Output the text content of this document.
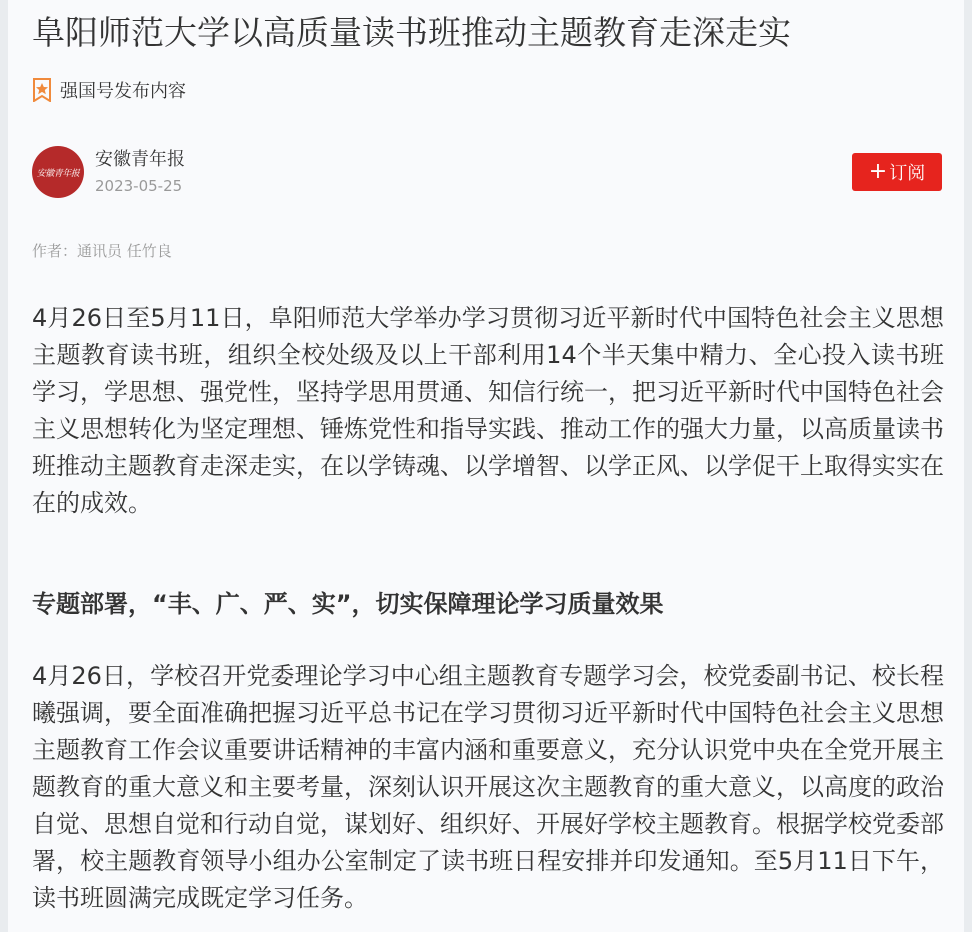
阜阳师范大学以高质量读书班推动主题教育走深走实
强国号发布内容
安徽青年报
安徽青年报
2023-05-25
+ 订阅
作者：通讯员 任竹良

4月26日至5月11日，阜阳师范大学举办学习贯彻习近平新时代中国特色社会主义思想主题教育读书班，组织全校处级及以上干部利用14个半天集中精力、全心投入读书班学习，学思想、强党性，坚持学思用贯通、知信行统一，把习近平新时代中国特色社会主义思想转化为坚定理想、锤炼党性和指导实践、推动工作的强大力量，以高质量读书班推动主题教育走深走实，在以学铸魂、以学增智、以学正风、以学促干上取得实实在在的成效。

专题部署，“丰、广、严、实”，切实保障理论学习质量效果

4月26日，学校召开党委理论学习中心组主题教育专题学习会，校党委副书记、校长程曦强调，要全面准确把握习近平总书记在学习贯彻习近平新时代中国特色社会主义思想主题教育工作会议重要讲话精神的丰富内涵和重要意义，充分认识党中央在全党开展主题教育的重大意义和主要考量，深刻认识开展这次主题教育的重大意义，以高度的政治自觉、思想自觉和行动自觉，谋划好、组织好、开展好学校主题教育。根据学校党委部署，校主题教育领导小组办公室制定了读书班日程安排并印发通知。至5月11日下午，读书班圆满完成既定学习任务。
